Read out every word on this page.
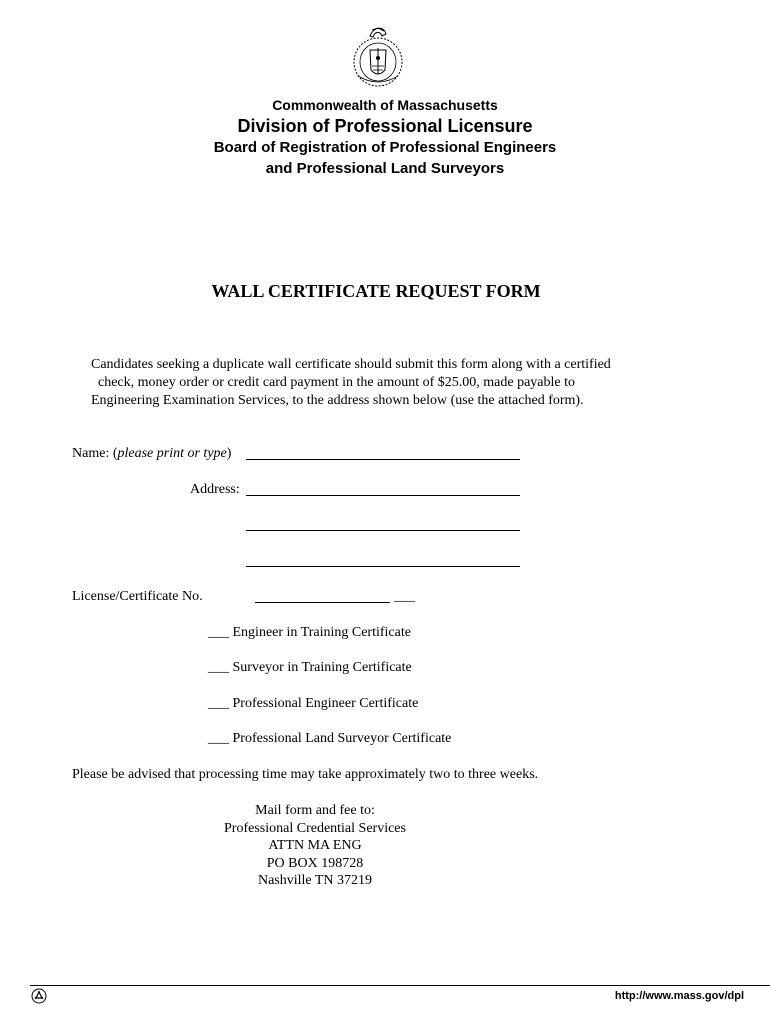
Commonwealth of Massachusetts
Division of Professional Licensure
Board of Registration of Professional Engineers
and Professional Land Surveyors
WALL CERTIFICATE REQUEST FORM
Candidates seeking a duplicate wall certificate should submit this form along with a certified
check, money order or credit card payment in the amount of $25.00, made payable to
Engineering Examination Services, to the address shown below (use the attached form).
Name: (please print or type)
Address:
License/Certificate No.	___
___ Engineer in Training Certificate
___ Surveyor in Training Certificate
___ Professional Engineer Certificate
___ Professional Land Surveyor Certificate
Please be advised that processing time may take approximately two to three weeks.
Mail form and fee to:
Professional Credential Services
ATTN MA ENG
PO BOX 198728
Nashville TN 37219
http://www.mass.gov/dpl
